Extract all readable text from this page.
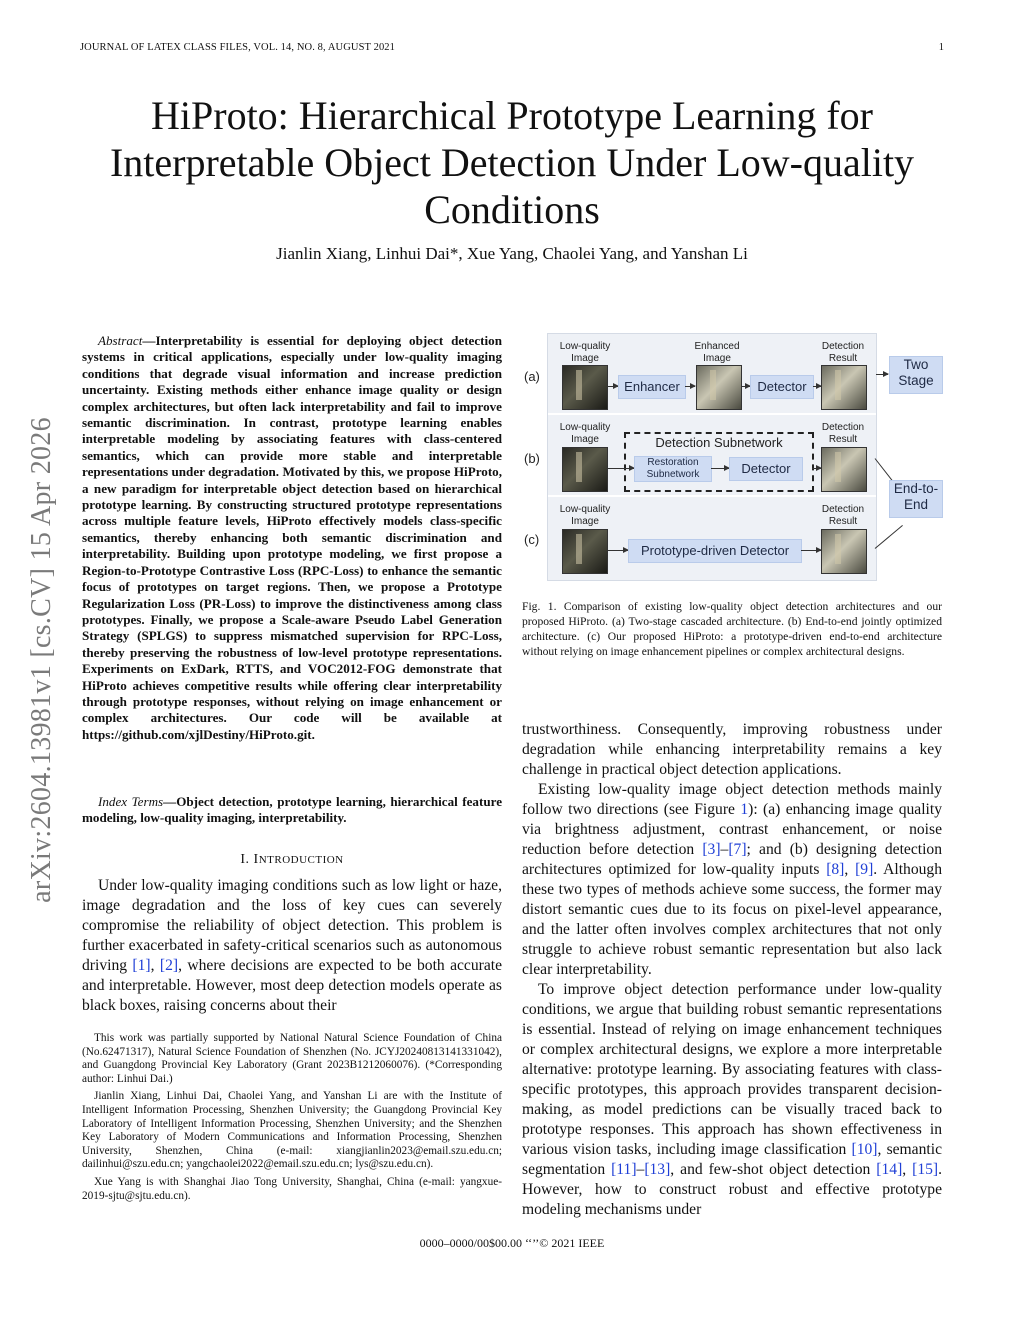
JOURNAL OF LATEX CLASS FILES, VOL. 14, NO. 8, AUGUST 2021	1
HiProto: Hierarchical Prototype Learning for
Interpretable Object Detection Under Low-quality
Conditions
Jianlin Xiang, Linhui Dai*, Xue Yang, Chaolei Yang, and Yanshan Li
arXiv:2604.13981v1 [cs.CV] 15 Apr 2026

Abstract—Interpretability is essential for deploying object detection systems in critical applications, especially under low-quality imaging conditions that degrade visual information and increase prediction uncertainty. Existing methods either enhance image quality or design complex architectures, but often lack interpretability and fail to improve semantic discrimination. In contrast, prototype learning enables interpretable modeling by associating features with class-centered semantics, which can provide more stable and interpretable representations under degradation. Motivated by this, we propose HiProto, a new paradigm for interpretable object detection based on hierarchical prototype learning. By constructing structured prototype representations across multiple feature levels, HiProto effectively models class-specific semantics, thereby enhancing both semantic discrimination and interpretability. Building upon prototype modeling, we first propose a Region-to-Prototype Contrastive Loss (RPC-Loss) to enhance the semantic focus of prototypes on target regions. Then, we propose a Prototype Regularization Loss (PR-Loss) to improve the distinctiveness among class prototypes. Finally, we propose a Scale-aware Pseudo Label Generation Strategy (SPLGS) to suppress mismatched supervision for RPC-Loss, thereby preserving the robustness of low-level prototype representations. Experiments on ExDark, RTTS, and VOC2012-FOG demonstrate that HiProto achieves competitive results while offering clear interpretability through prototype responses, without relying on image enhancement or complex architectures. Our code will be available at https://github.com/xjlDestiny/HiProto.git.

Index Terms—Object detection, prototype learning, hierarchical feature modeling, low-quality imaging, interpretability.
I. INTRODUCTION

Under low-quality imaging conditions such as low light or haze, image degradation and the loss of key cues can severely compromise the reliability of object detection. This problem is further exacerbated in safety-critical scenarios such as autonomous driving [1], [2], where decisions are expected to be both accurate and interpretable. However, most deep detection models operate as black boxes, raising concerns about their

This work was partially supported by National Natural Science Foundation of China (No.62471317), Natural Science Foundation of Shenzhen (No. JCYJ20240813141331042), and Guangdong Provincial Key Laboratory (Grant 2023B1212060076). (*Corresponding author: Linhui Dai.)

Jianlin Xiang, Linhui Dai, Chaolei Yang, and Yanshan Li are with the Institute of Intelligent Information Processing, Shenzhen University; the Guangdong Provincial Key Laboratory of Intelligent Information Processing, Shenzhen University; and the Shenzhen Key Laboratory of Modern Communications and Information Processing, Shenzhen University, Shenzhen, China (e-mail: xiangjianlin2023@email.szu.edu.cn; dailinhui@szu.edu.cn; yangchaolei2022@email.szu.edu.cn; lys@szu.edu.cn).

Xue Yang is with Shanghai Jiao Tong University, Shanghai, China (e-mail: yangxue-2019-sjtu@sjtu.edu.cn).

Low-quality Image
Enhancer
Enhanced Image
Detector
Detection Result
Low-quality Image	Detection Subnetwork
Restoration Subnetwork	Detector
Detection Result
Low-quality Image
Prototype-driven Detector
Detection Result
(a)
(b)
(c)
Two Stage
End-to-End
Fig. 1. Comparison of existing low-quality object detection architectures and our proposed HiProto. (a) Two-stage cascaded architecture. (b) End-to-end jointly optimized architecture. (c) Our proposed HiProto: a prototype-driven end-to-end architecture without relying on image enhancement pipelines or complex architectural designs.

trustworthiness. Consequently, improving robustness under degradation while enhancing interpretability remains a key challenge in practical object detection applications.

Existing low-quality image object detection methods mainly follow two directions (see Figure 1): (a) enhancing image quality via brightness adjustment, contrast enhancement, or noise reduction before detection [3]–[7]; and (b) designing detection architectures optimized for low-quality inputs [8], [9]. Although these two types of methods achieve some success, the former may distort semantic cues due to its focus on pixel-level appearance, and the latter often involves complex architectures that not only struggle to achieve robust semantic representation but also lack clear interpretability.

To improve object detection performance under low-quality conditions, we argue that building robust semantic representations is essential. Instead of relying on image enhancement techniques or complex architectural designs, we explore a more interpretable alternative: prototype learning. By associating features with class-specific prototypes, this approach provides transparent decision-making, as model predictions can be visually traced back to prototype responses. This approach has shown effectiveness in various vision tasks, including image classification [10], semantic segmentation [11]–[13], and few-shot object detection [14], [15]. However, how to construct robust and effective prototype modeling mechanisms under

0000–0000/00$00.00 ‘‘’’© 2021 IEEE
